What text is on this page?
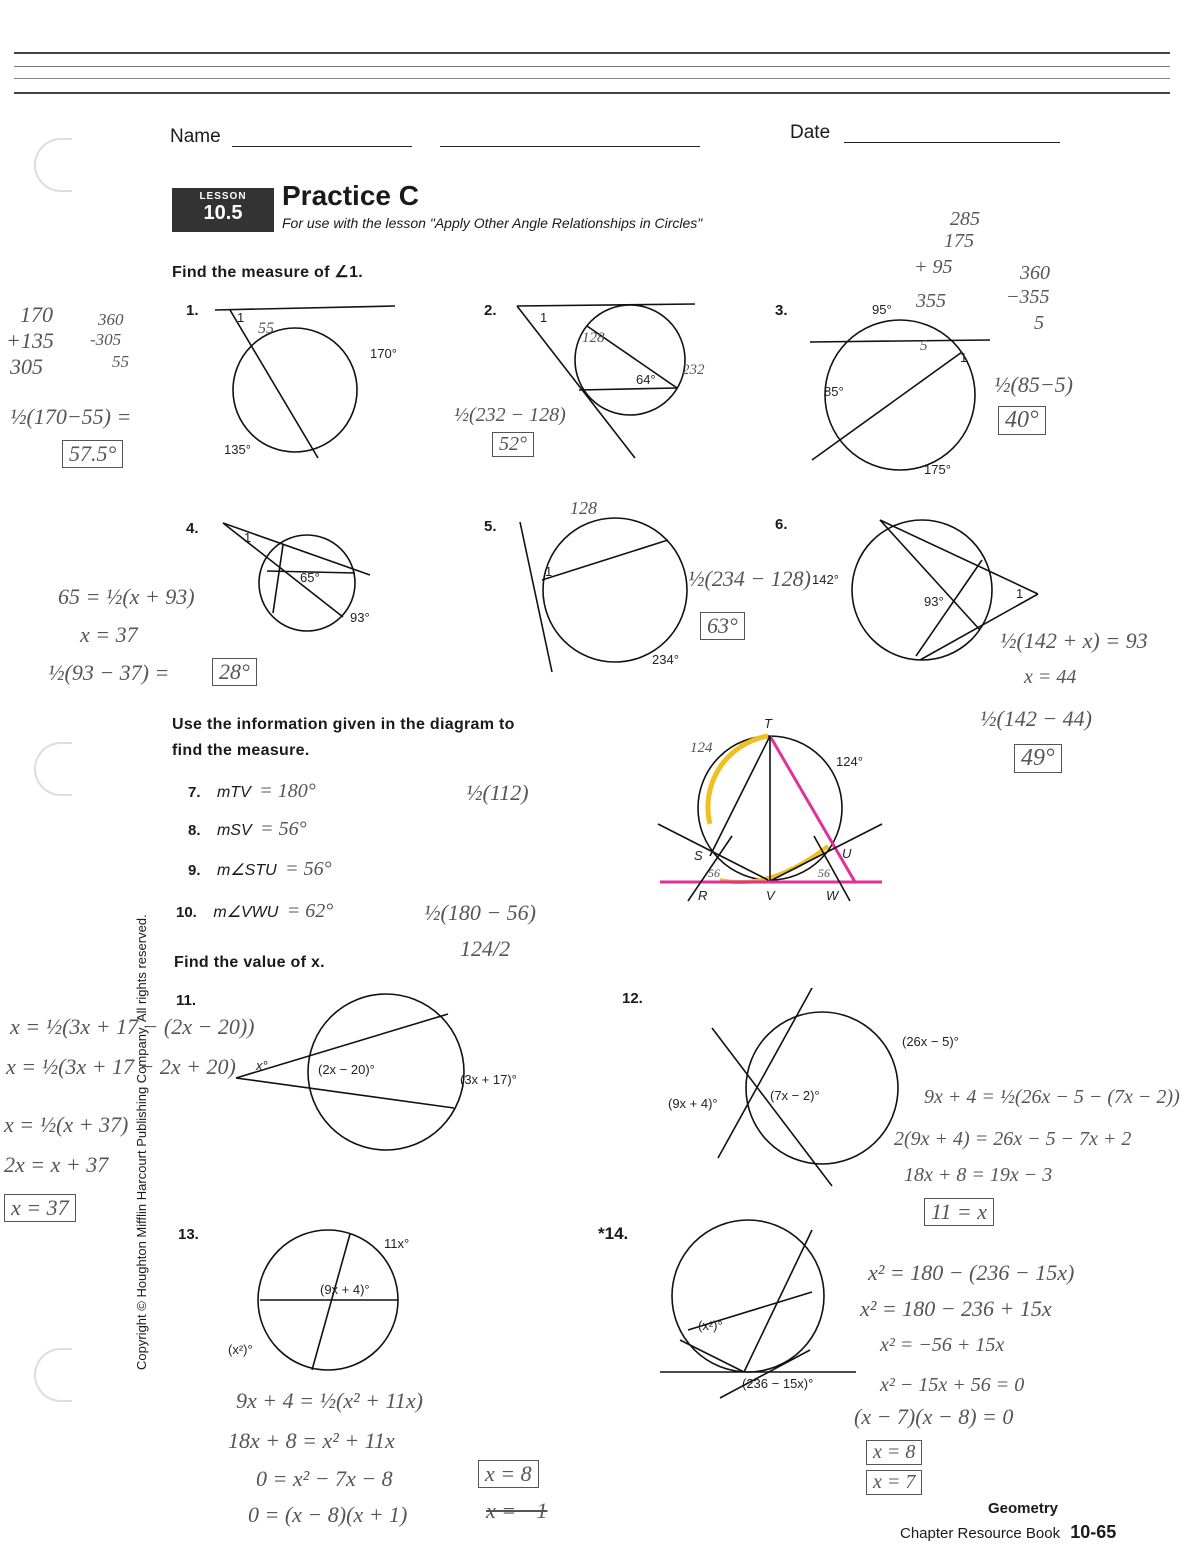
Name	Date
LESSON
10.5
Practice C
For use with the lesson "Apply Other Angle Relationships in Circles"
Find the measure of ∠1.
1.	1
170°
135°
55
170
+135
305
360
-305
55
½(170−55) =
57.5°
2.	1
64°
128
232
½(232 − 128)
52°
3.	95°
1
85°
175°
285
175
+ 95
355
360
−355
5
5
½(85−5)
40°
4.
1
65°
93°
65 = ½(x + 93)
x = 37
½(93 − 37) =	28°
5.
1
234°
128
½(234 − 128)
63°
6.
142°
93°
1
½(142 + x) = 93
x = 44
½(142 − 44)
49°
Use the information given in the diagram to
find the measure.
7. mTV = 180°
8. mSV = 56°
9. m∠STU = 56°
10. m∠VWU = 62°
½(112)
½(180 − 56)
124/2
T
124°
S	U
R	V	W
124
56	56
Find the value of x.
11.
x°	(2x − 20)°
(3x + 17)°
x = ½(3x + 17 − (2x − 20))
x = ½(3x + 17 − 2x + 20)
x = ½(x + 37)
2x = x + 37
x = 37
12.
(26x − 5)°
(9x + 4)°
(7x − 2)°	9x + 4 = ½(26x − 5 − (7x − 2))
2(9x + 4) = 26x − 5 − 7x + 2
18x + 8 = 19x − 3
11 = x
13.
11x°
(9x + 4)°
(x²)°
9x + 4 = ½(x² + 11x)
18x + 8 = x² + 11x
0 = x² − 7x − 8
0 = (x − 8)(x + 1)
x = 8
x = −1
*14.
(x²)°
(236 − 15x)°
x² = 180 − (236 − 15x)
x² = 180 − 236 + 15x
x² = −56 + 15x
x² − 15x + 56 = 0
(x − 7)(x − 8) = 0
x = 8
x = 7
Copyright © Houghton Mifflin Harcourt Publishing Company. All rights reserved.
Geometry
Chapter Resource Book 10-65
